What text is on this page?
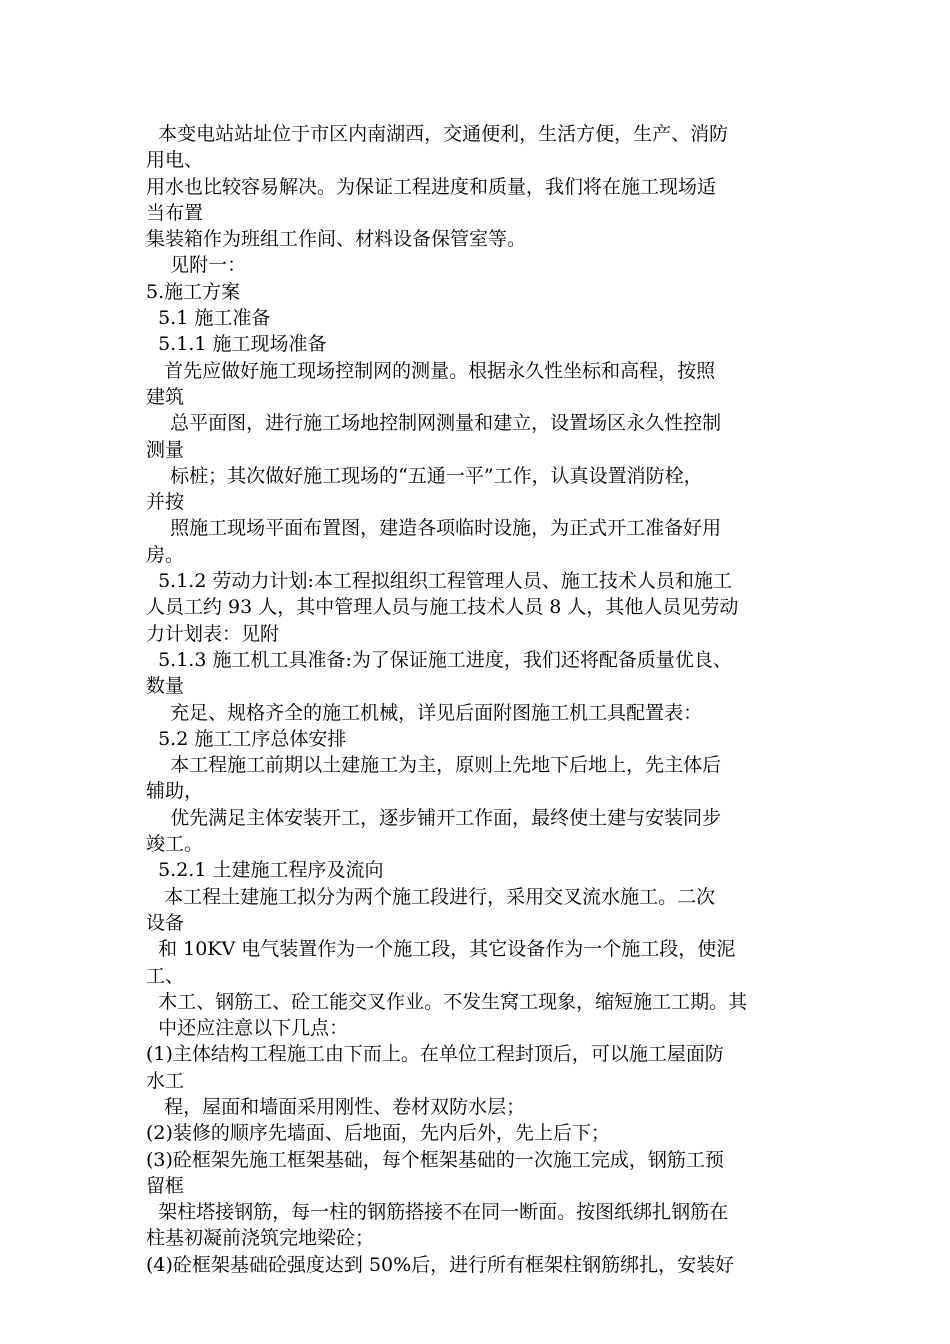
本变电站站址位于市区内南湖西，交通便利，生活方便，生产、消防
用电、
用水也比较容易解决。为保证工程进度和质量，我们将在施工现场适
当布置
集装箱作为班组工作间、材料设备保管室等。
见附一：
5.施工方案
5.1 施工准备
5.1.1 施工现场准备
首先应做好施工现场控制网的测量。根据永久性坐标和高程，按照
建筑
总平面图，进行施工场地控制网测量和建立，设置场区永久性控制
测量
标桩；其次做好施工现场的“五通一平”工作，认真设置消防栓，
并按
照施工现场平面布置图，建造各项临时设施，为正式开工准备好用
房。
5.1.2 劳动力计划:本工程拟组织工程管理人员、施工技术人员和施工
人员工约 93 人，其中管理人员与施工技术人员 8 人，其他人员见劳动
力计划表：见附
5.1.3 施工机工具准备:为了保证施工进度，我们还将配备质量优良、
数量
充足、规格齐全的施工机械，详见后面附图施工机工具配置表：
5.2 施工工序总体安排
本工程施工前期以土建施工为主，原则上先地下后地上，先主体后
辅助，
优先满足主体安装开工，逐步铺开工作面，最终使土建与安装同步
竣工。
5.2.1 土建施工程序及流向
本工程土建施工拟分为两个施工段进行，采用交叉流水施工。二次
设备
和 10KV 电气装置作为一个施工段，其它设备作为一个施工段，使泥
工、
木工、钢筋工、砼工能交叉作业。不发生窝工现象，缩短施工工期。其
中还应注意以下几点：
(1)主体结构工程施工由下而上。在单位工程封顶后，可以施工屋面防
水工
程，屋面和墙面采用刚性、卷材双防水层；
(2)装修的顺序先墙面、后地面，先内后外，先上后下；
(3)砼框架先施工框架基础，每个框架基础的一次施工完成，钢筋工预
留框
架柱塔接钢筋，每一柱的钢筋搭接不在同一断面。按图纸绑扎钢筋在
柱基初凝前浇筑完地梁砼；
(4)砼框架基础砼强度达到 50%后，进行所有框架柱钢筋绑扎，安装好
